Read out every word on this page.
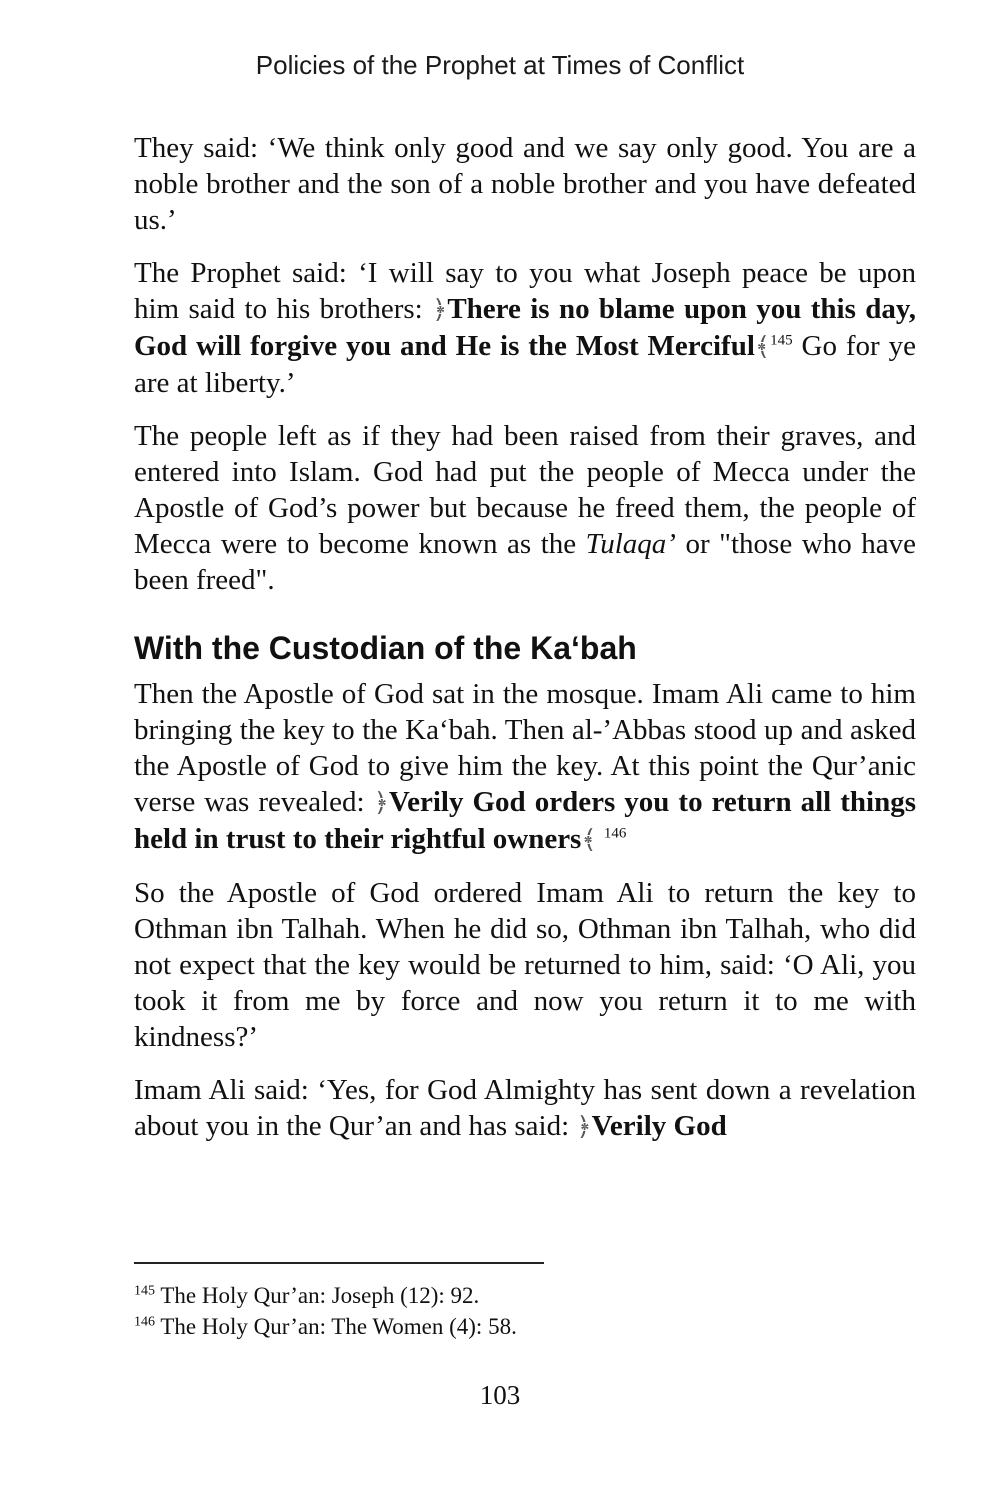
Policies of the Prophet at Times of Conflict

They said: ‘We think only good and we say only good. You are a noble brother and the son of a noble brother and you have defeated us.’

The Prophet said: ‘I will say to you what Joseph peace be upon him said to his brothers: ﴿There is no blame upon you this day, God will forgive you and He is the Most Merciful﴾$^{145}$ Go for ye are at liberty.’

The people left as if they had been raised from their graves, and entered into Islam. God had put the people of Mecca under the Apostle of God’s power but because he freed them, the people of Mecca were to become known as the Tulaqa’ or "those who have been freed".

With the Custodian of the Ka‘bah

Then the Apostle of God sat in the mosque. Imam Ali came to him bringing the key to the Ka‘bah. Then al-’Abbas stood up and asked the Apostle of God to give him the key. At this point the Qur’anic verse was revealed: ﴿Verily God orders you to return all things held in trust to their rightful owners﴾ $^{146}$

So the Apostle of God ordered Imam Ali to return the key to Othman ibn Talhah. When he did so, Othman ibn Talhah, who did not expect that the key would be returned to him, said: ‘O Ali, you took it from me by force and now you return it to me with kindness?’

Imam Ali said: ‘Yes, for God Almighty has sent down a revelation about you in the Qur’an and has said: ﴿Verily God

$^{145}$ The Holy Qur’an: Joseph (12): 92.
$^{146}$ The Holy Qur’an: The Women (4): 58.
103
